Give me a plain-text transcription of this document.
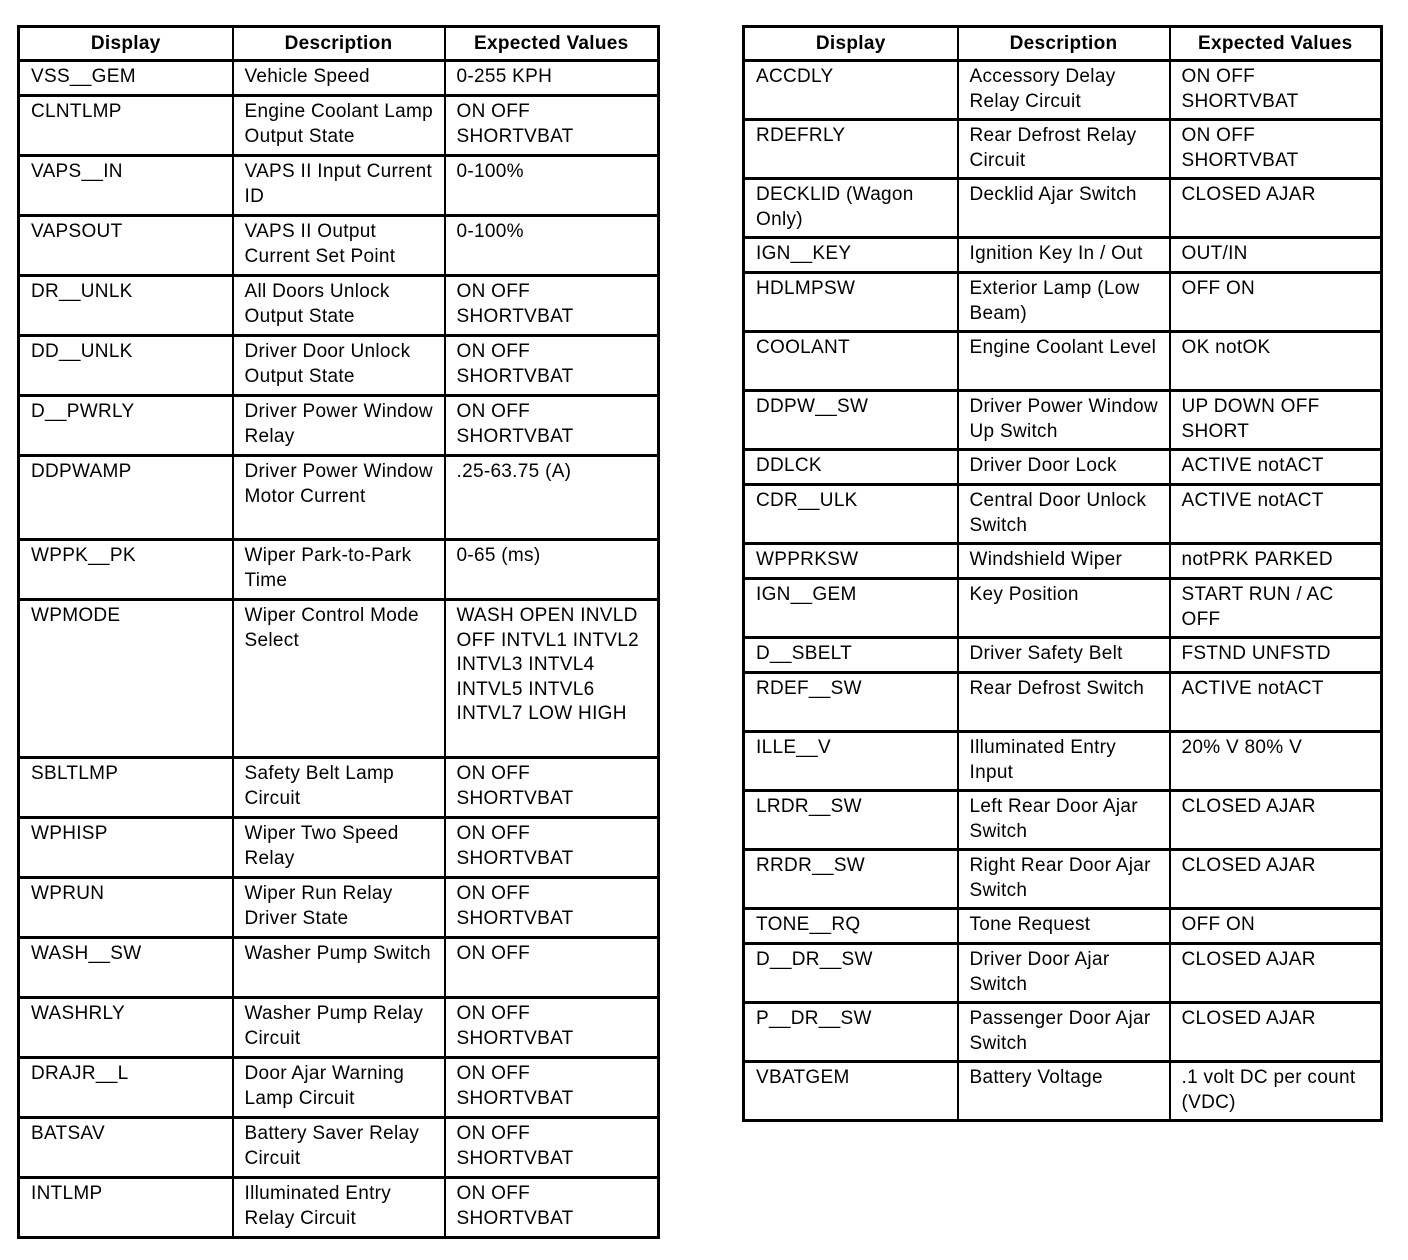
Display	Description	Expected Values

VSS__GEM	Vehicle Speed	0-255 KPH

CLNTLMP	Engine Coolant Lamp Output State	ON OFF SHORTVBAT

VAPS__IN	VAPS II Input Current ID	0-100%

VAPSOUT	VAPS II Output Current Set Point	0-100%

DR__UNLK	All Doors Unlock Output State	ON OFF SHORTVBAT

DD__UNLK	Driver Door Unlock Output State	ON OFF SHORTVBAT

D__PWRLY	Driver Power Window Relay	ON OFF SHORTVBAT

DDPWAMP	Driver Power Window Motor Current	.25-63.75 (A)

WPPK__PK	Wiper Park-to-Park Time	0-65 (ms)

WPMODE	Wiper Control Mode Select	WASH OPEN INVLD OFF INTVL1 INTVL2 INTVL3 INTVL4 INTVL5 INTVL6 INTVL7 LOW HIGH

SBLTLMP	Safety Belt Lamp Circuit	ON OFF SHORTVBAT

WPHISP	Wiper Two Speed Relay	ON OFF SHORTVBAT

WPRUN	Wiper Run Relay Driver State	ON OFF SHORTVBAT

WASH__SW	Washer Pump Switch	ON OFF

WASHRLY	Washer Pump Relay Circuit	ON OFF SHORTVBAT

DRAJR__L	Door Ajar Warning Lamp Circuit	ON OFF SHORTVBAT

BATSAV	Battery Saver Relay Circuit	ON OFF SHORTVBAT

INTLMP	Illuminated Entry Relay Circuit	ON OFF SHORTVBAT
Display	Description	Expected Values

ACCDLY	Accessory Delay Relay Circuit	ON OFF SHORTVBAT

RDEFRLY	Rear Defrost Relay Circuit	ON OFF SHORTVBAT

DECKLID (Wagon Only)	Decklid Ajar Switch	CLOSED AJAR

IGN__KEY	Ignition Key In / Out	OUT/IN

HDLMPSW	Exterior Lamp (Low Beam)	OFF ON

COOLANT	Engine Coolant Level	OK notOK

DDPW__SW	Driver Power Window Up Switch	UP DOWN OFF SHORT

DDLCK	Driver Door Lock	ACTIVE notACT

CDR__ULK	Central Door Unlock Switch	ACTIVE notACT

WPPRKSW	Windshield Wiper	notPRK PARKED

IGN__GEM	Key Position	START RUN / AC OFF

D__SBELT	Driver Safety Belt	FSTND UNFSTD

RDEF__SW	Rear Defrost Switch	ACTIVE notACT

ILLE__V	Illuminated Entry Input	20% V 80% V

LRDR__SW	Left Rear Door Ajar Switch	CLOSED AJAR

RRDR__SW	Right Rear Door Ajar Switch	CLOSED AJAR

TONE__RQ	Tone Request	OFF ON

D__DR__SW	Driver Door Ajar Switch	CLOSED AJAR

P__DR__SW	Passenger Door Ajar Switch	CLOSED AJAR

VBATGEM	Battery Voltage	.1 volt DC per count (VDC)
